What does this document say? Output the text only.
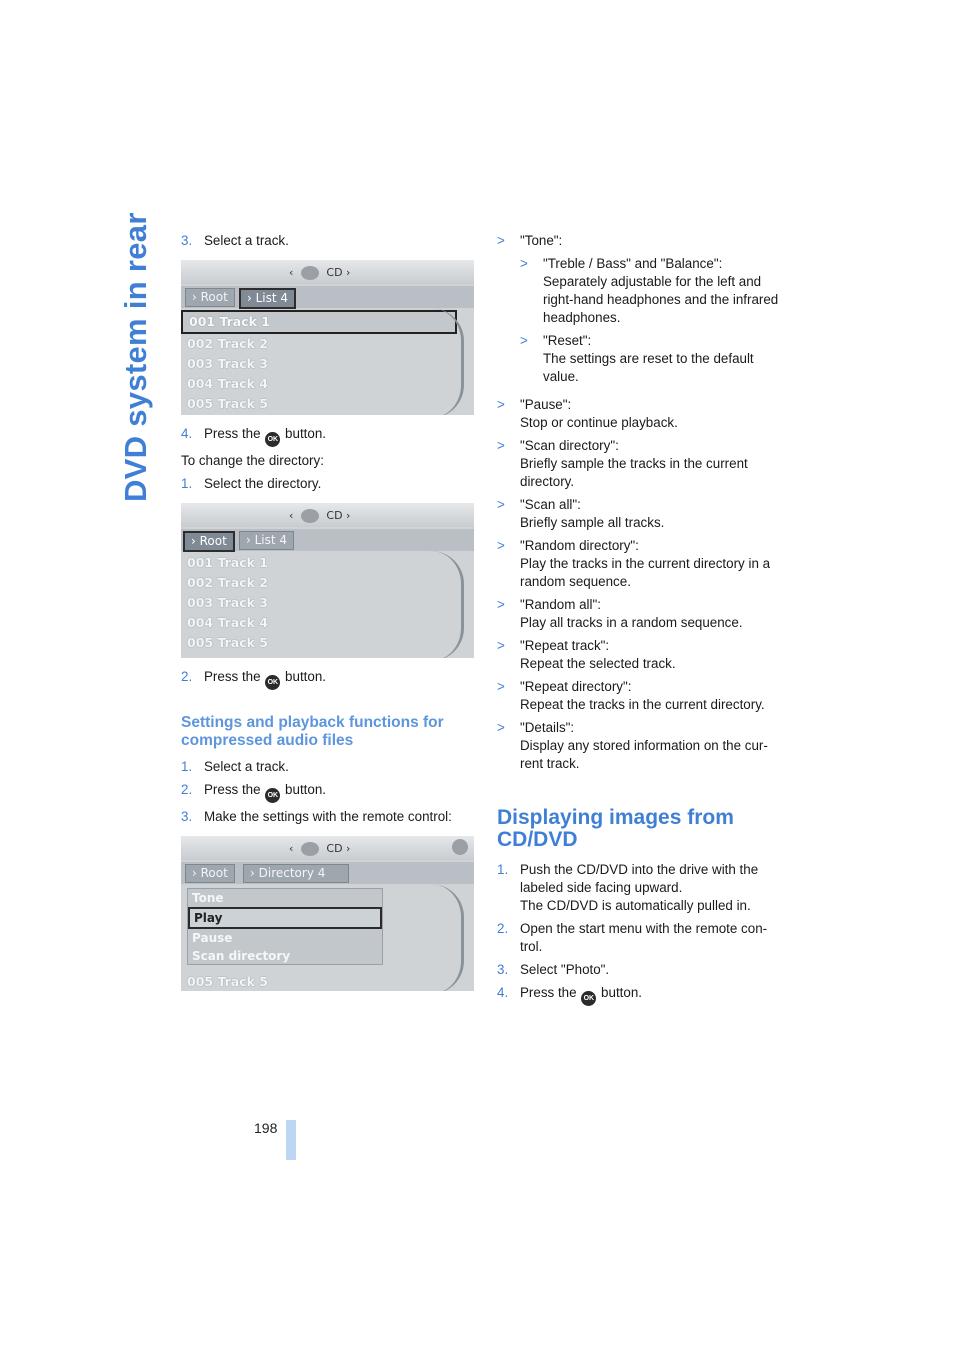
DVD system in rear 3. Select a track.
‹	CD ›
› Root	› List 4
001 Track 1
002 Track 2
003 Track 3
004 Track 4
005 Track 5
4. Press the OK button.
To change the directory:
1. Select the directory.
‹	CD ›
› Root	› List 4
001 Track 1
002 Track 2
003 Track 3
004 Track 4
005 Track 5
2. Press the OK button.
Settings and playback functions for compressed audio files
1. Select a track.
2. Press the OK button.
3. Make the settings with the remote control:
‹	CD ›
› Root	› Directory 4
Tone
Play
Pause
Scan directory
005 Track 5
>	"Tone":
>	"Treble / Bass" and "Balance":
Separately adjustable for the left and right-hand headphones and the infrared headphones.
>	"Reset":
The settings are reset to the default value.
>	"Pause":
Stop or continue playback.
>	"Scan directory":
Briefly sample the tracks in the current directory.
>	"Scan all":
Briefly sample all tracks.
>	"Random directory":
Play the tracks in the current directory in a random sequence.
>	"Random all":
Play all tracks in a random sequence.
>	"Repeat track":
Repeat the selected track.
>	"Repeat directory":
Repeat the tracks in the current directory.
>	"Details":
Display any stored information on the cur-rent track.
Displaying images from CD/DVD
1. Push the CD/DVD into the drive with the labeled side facing upward.
The CD/DVD is automatically pulled in.
2. Open the start menu with the remote con-trol.
3. Select "Photo".
4. Press the OK button.
198
